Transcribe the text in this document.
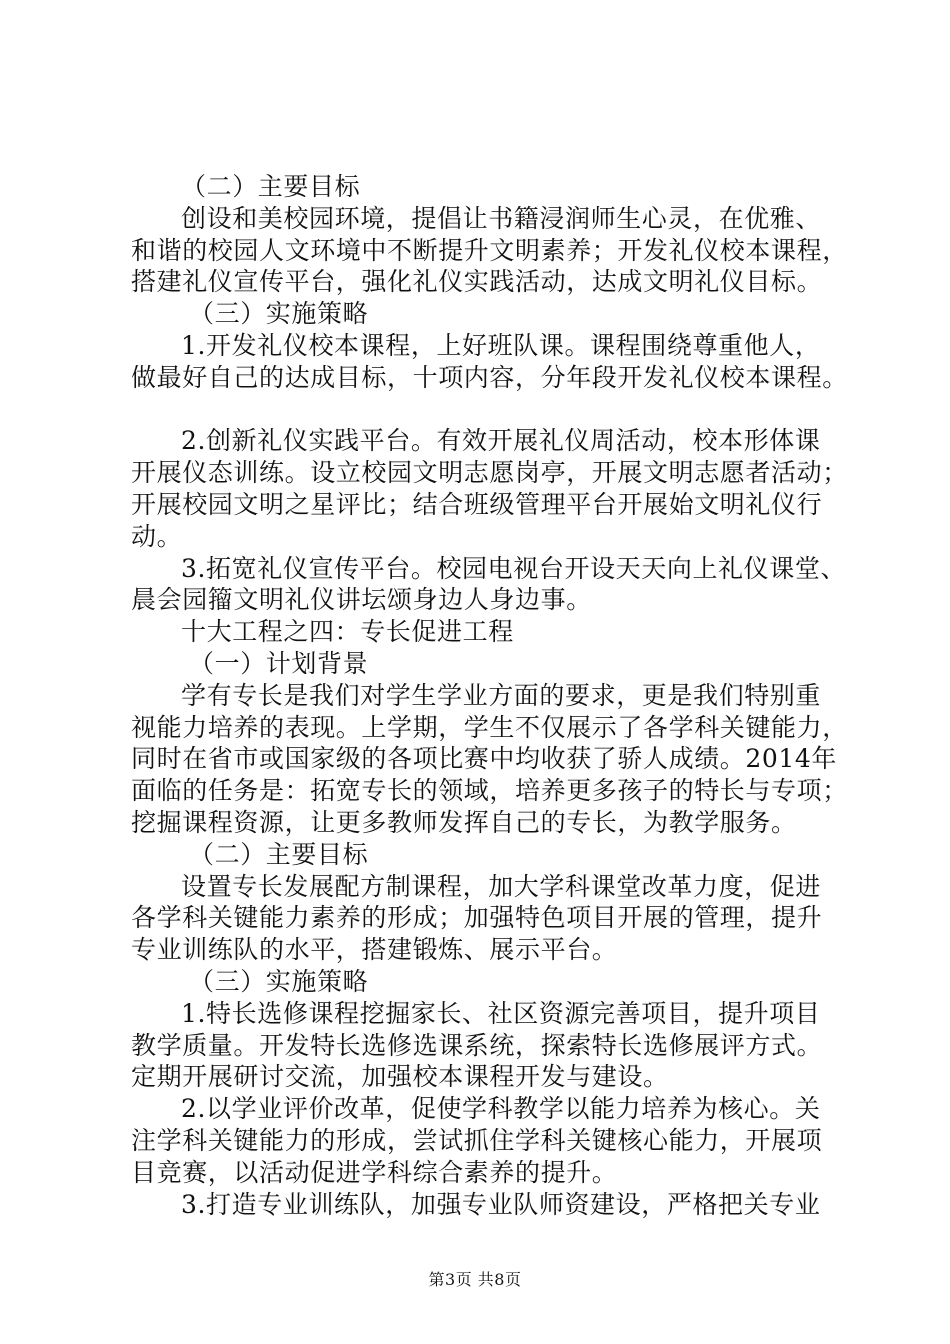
（二）主要目标
创设和美校园环境，提倡让书籍浸润师生心灵，在优雅、
和谐的校园人文环境中不断提升文明素养；开发礼仪校本课程，
搭建礼仪宣传平台，强化礼仪实践活动，达成文明礼仪目标。
（三）实施策略
1.开发礼仪校本课程，上好班队课。课程围绕尊重他人，
做最好自己的达成目标，十项内容，分年段开发礼仪校本课程。
2.创新礼仪实践平台。有效开展礼仪周活动，校本形体课
开展仪态训练。设立校园文明志愿岗亭，开展文明志愿者活动；
开展校园文明之星评比；结合班级管理平台开展始文明礼仪行
动。
3.拓宽礼仪宣传平台。校园电视台开设天天向上礼仪课堂、
晨会园籀文明礼仪讲坛颂身边人身边事。
十大工程之四：专长促进工程
（一）计划背景
学有专长是我们对学生学业方面的要求，更是我们特别重
视能力培养的表现。上学期，学生不仅展示了各学科关键能力，
同时在省市或国家级的各项比赛中均收获了骄人成绩。2014年
面临的任务是：拓宽专长的领域，培养更多孩子的特长与专项；
挖掘课程资源，让更多教师发挥自己的专长，为教学服务。
（二）主要目标
设置专长发展配方制课程，加大学科课堂改革力度，促进
各学科关键能力素养的形成；加强特色项目开展的管理，提升
专业训练队的水平，搭建锻炼、展示平台。
（三）实施策略
1.特长选修课程挖掘家长、社区资源完善项目，提升项目
教学质量。开发特长选修选课系统，探索特长选修展评方式。
定期开展研讨交流，加强校本课程开发与建设。
2.以学业评价改革，促使学科教学以能力培养为核心。关
注学科关键能力的形成，尝试抓住学科关键核心能力，开展项
目竞赛，以活动促进学科综合素养的提升。
3.打造专业训练队，加强专业队师资建设，严格把关专业
第3页 共8页
